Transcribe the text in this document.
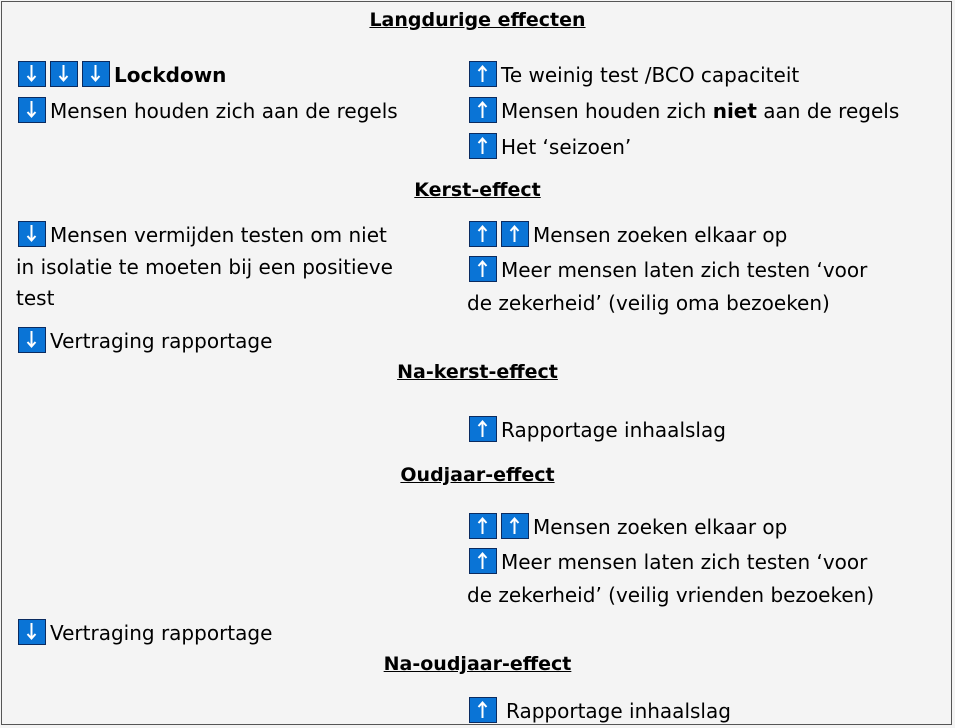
Langdurige effecten
Lockdown
Mensen houden zich aan de regels
Te weinig test /BCO capaciteit
Mensen houden zich niet aan de regels
Het ‘seizoen’
Kerst-effect
Mensen vermijden testen om niet
in isolatie te moeten bij een positieve
test
Vertraging rapportage
Mensen zoeken elkaar op
Meer mensen laten zich testen ‘voor
de zekerheid’ (veilig oma bezoeken)
Na-kerst-effect
Rapportage inhaalslag
Oudjaar-effect
Mensen zoeken elkaar op
Meer mensen laten zich testen ‘voor
de zekerheid’ (veilig vrienden bezoeken)
Vertraging rapportage
Na-oudjaar-effect
Rapportage inhaalslag
